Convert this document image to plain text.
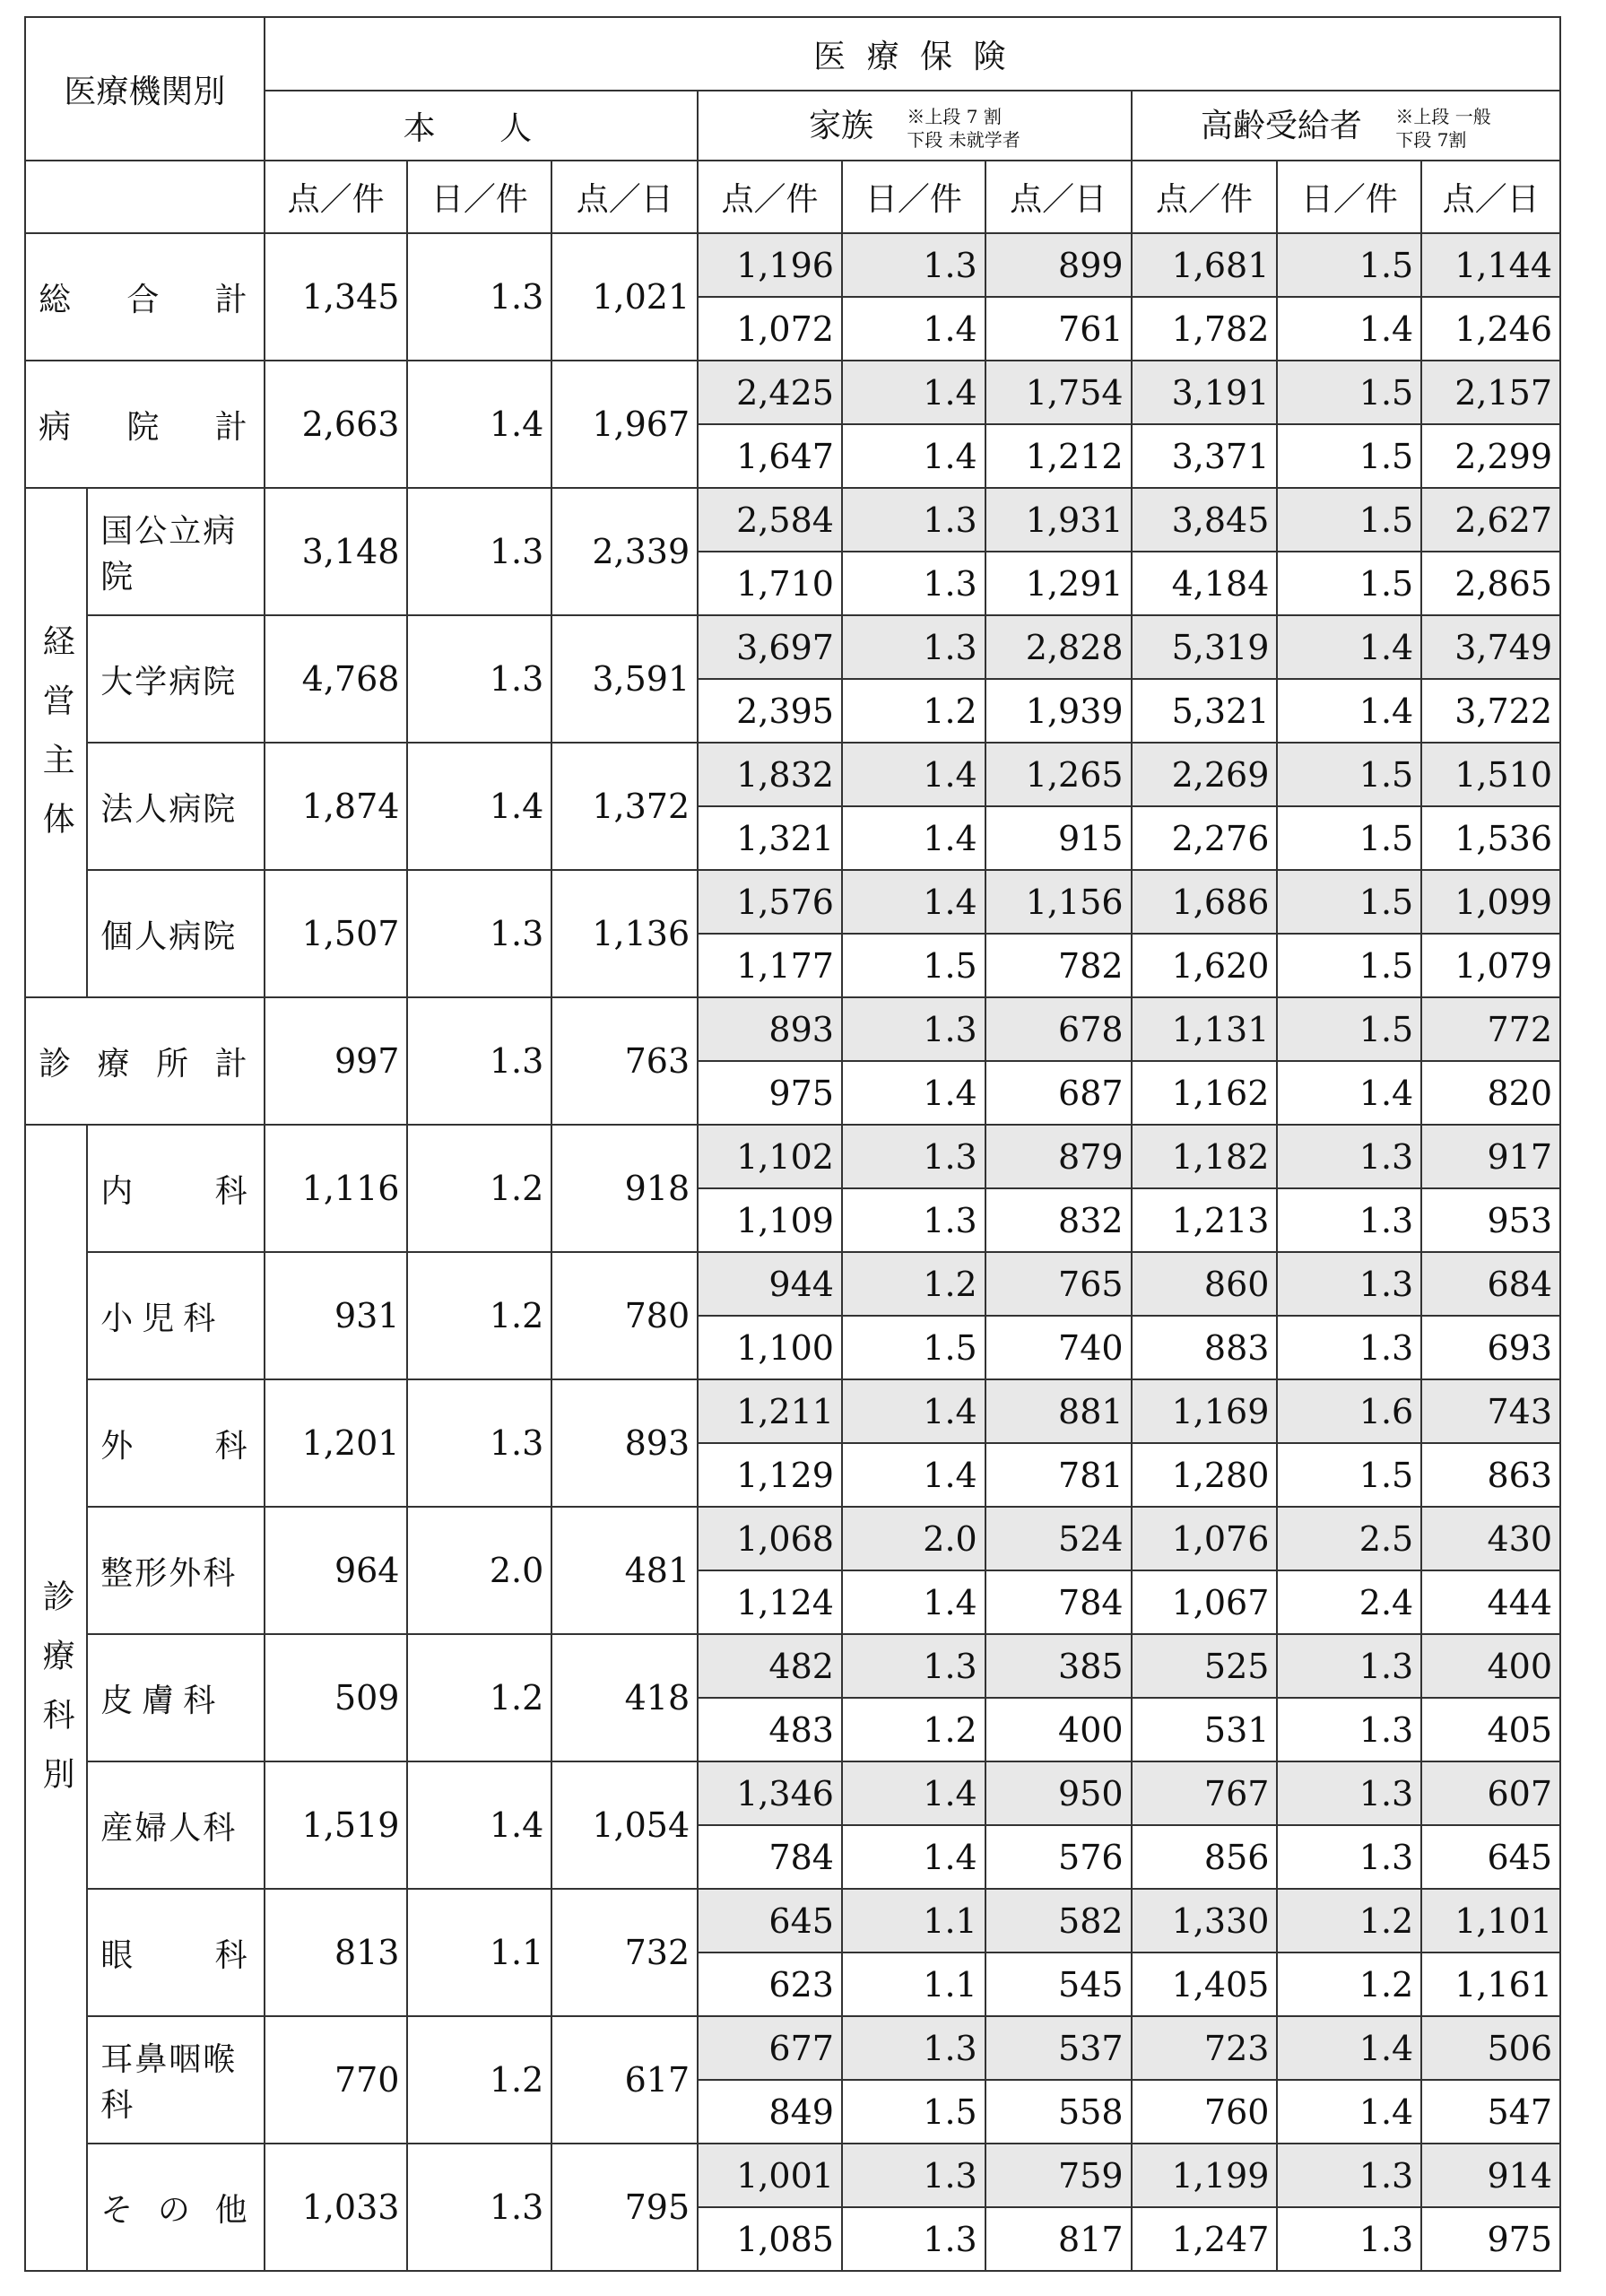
医療機関別		医 療 保 険								
		本 人			家族 ※上段 7 割
下段 未就学者			高齢受給者 ※上段 一般
下段 7割		
		点／件	日／件	点／日	点／件	日／件	点／日	点／件	日／件	点／日

総 合 計		1,345	1.3	1,021	1,196	1.3	899	1,681	1.5	1,144
					1,072	1.4	761	1,782	1.4	1,246

病 院 計		2,663	1.4	1,967	2,425	1.4	1,754	3,191	1.5	2,157
					1,647	1.4	1,212	3,371	1.5	2,299

経営主体	国公立病院	3,148	1.3	2,339	2,584	1.3	1,931	3,845	1.5	2,627
					1,710	1.3	1,291	4,184	1.5	2,865

	大学病院	4,768	1.3	3,591	3,697	1.3	2,828	5,319	1.4	3,749
					2,395	1.2	1,939	5,321	1.4	3,722

	法人病院	1,874	1.4	1,372	1,832	1.4	1,265	2,269	1.5	1,510
					1,321	1.4	915	2,276	1.5	1,536

	個人病院	1,507	1.3	1,136	1,576	1.4	1,156	1,686	1.5	1,099
					1,177	1.5	782	1,620	1.5	1,079

診 療 所 計		997	1.3	763	893	1.3	678	1,131	1.5	772
					975	1.4	687	1,162	1.4	820

診療科別	内 科	1,116	1.2	918	1,102	1.3	879	1,182	1.3	917
					1,109	1.3	832	1,213	1.3	953

	小児科	931	1.2	780	944	1.2	765	860	1.3	684
					1,100	1.5	740	883	1.3	693

	外 科	1,201	1.3	893	1,211	1.4	881	1,169	1.6	743
					1,129	1.4	781	1,280	1.5	863

	整形外科	964	2.0	481	1,068	2.0	524	1,076	2.5	430
					1,124	1.4	784	1,067	2.4	444

	皮膚科	509	1.2	418	482	1.3	385	525	1.3	400
					483	1.2	400	531	1.3	405

	産婦人科	1,519	1.4	1,054	1,346	1.4	950	767	1.3	607
					784	1.4	576	856	1.3	645

	眼 科	813	1.1	732	645	1.1	582	1,330	1.2	1,101
					623	1.1	545	1,405	1.2	1,161

	耳鼻咽喉科	770	1.2	617	677	1.3	537	723	1.4	506
					849	1.5	558	760	1.4	547

	そ の 他	1,033	1.3	795	1,001	1.3	759	1,199	1.3	914
					1,085	1.3	817	1,247	1.3	975
